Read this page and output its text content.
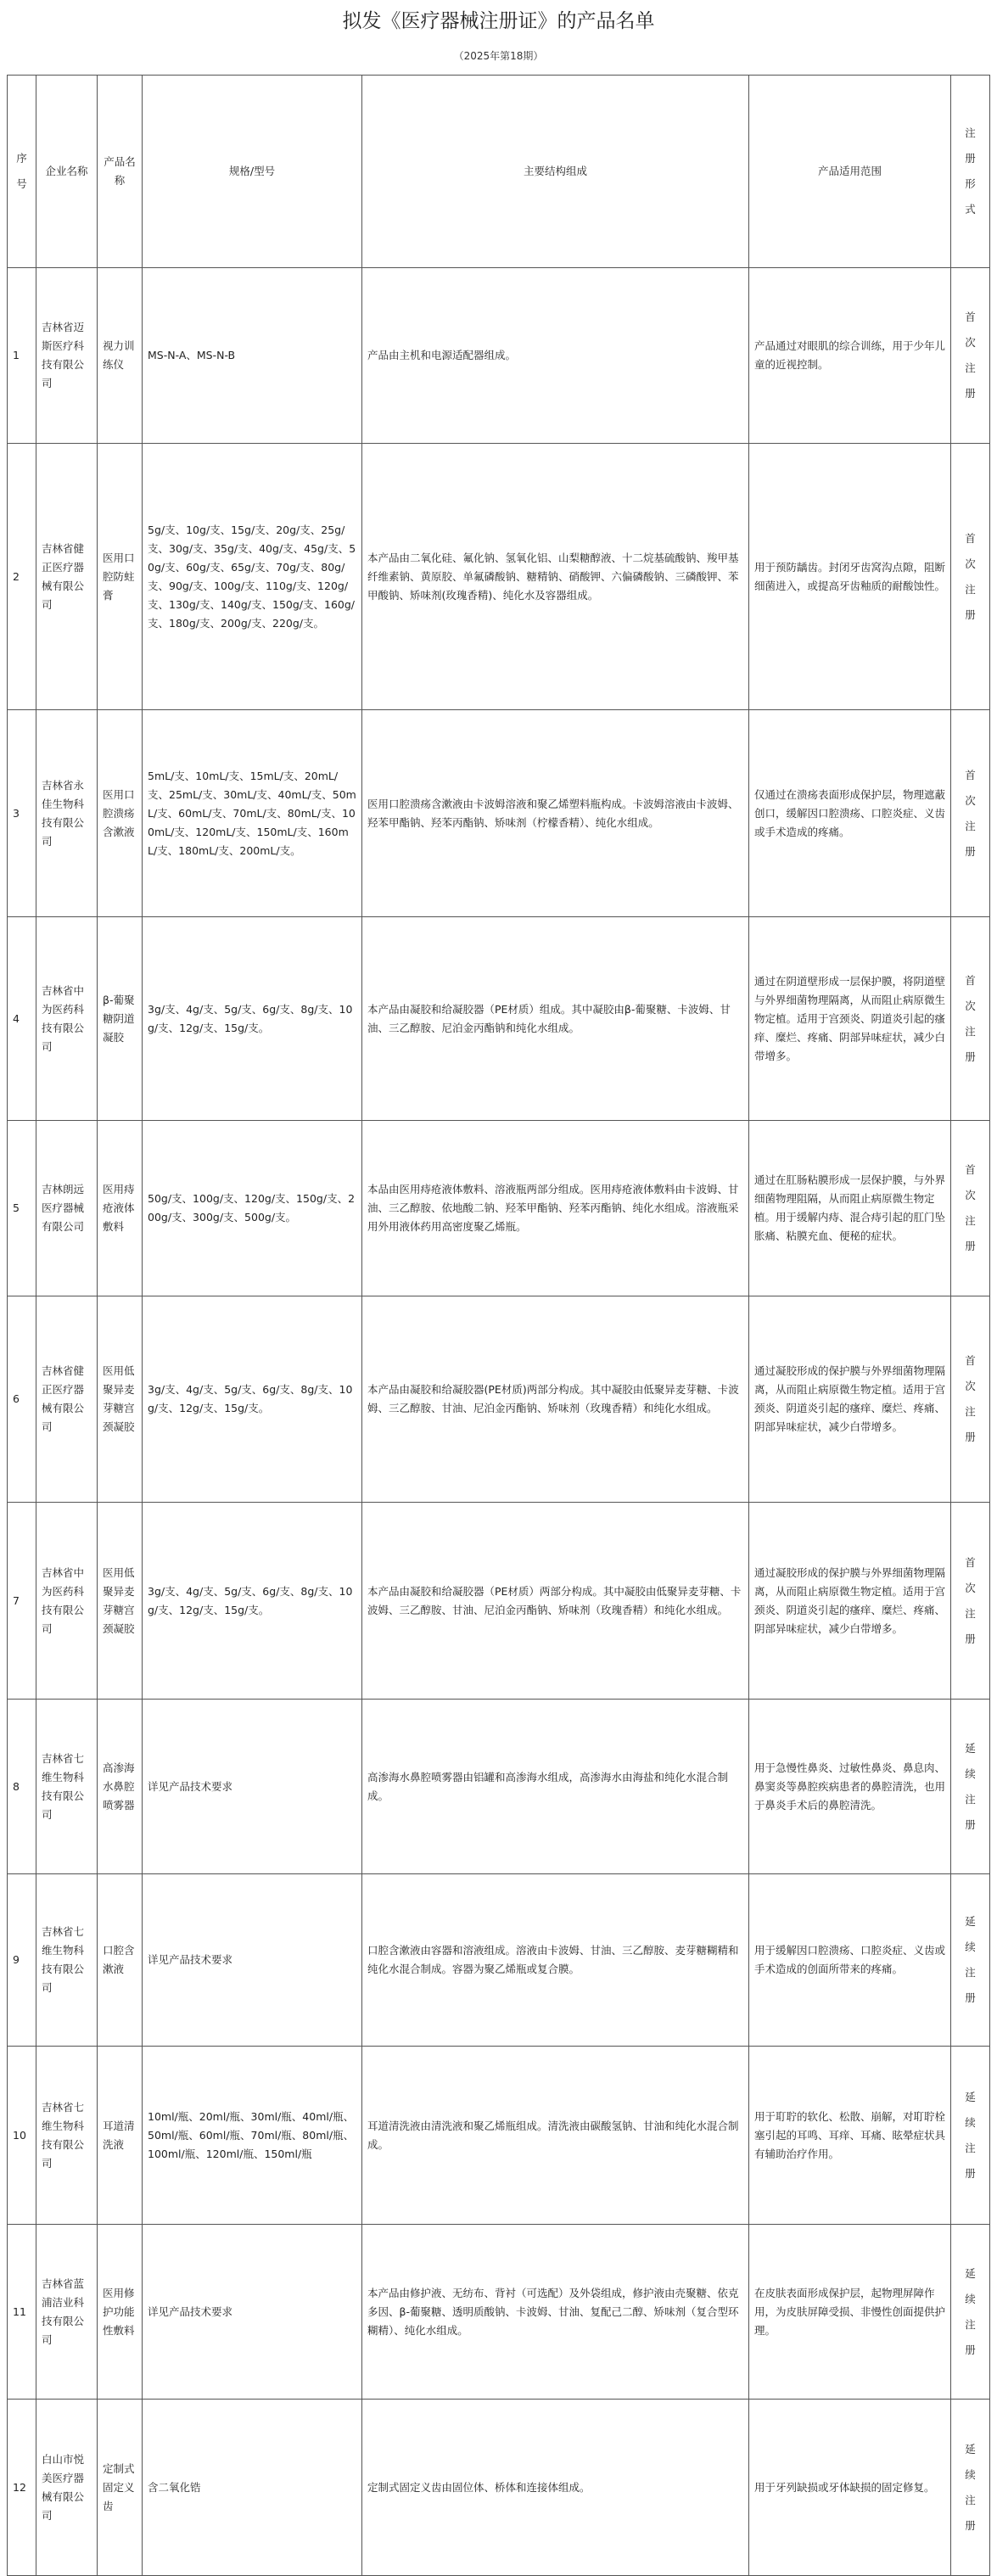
拟发《医疗器械注册证》的产品名单
（2025年第18期）
序号	企业名称	产品名称	规格/型号	主要结构组成	产品适用范围	注册形式

1	吉林省迈斯医疗科技有限公司	视力训练仪	MS-N-A、MS-N-B	产品由主机和电源适配器组成。	产品通过对眼肌的综合训练，用于少年儿童的近视控制。	首次注册

2	吉林省健正医疗器械有限公司	医用口腔防蛀膏	5g/支、10g/支、15g/支、20g/支、25g/支、30g/支、35g/支、40g/支、45g/支、50g/支、60g/支、65g/支、70g/支、80g/支、90g/支、100g/支、110g/支、120g/支、130g/支、140g/支、150g/支、160g/支、180g/支、200g/支、220g/支。	本产品由二氧化硅、氟化钠、氢氧化铝、山梨糖醇液、十二烷基硫酸钠、羧甲基纤维素钠、黄原胶、单氟磷酸钠、糖精钠、硝酸钾、六偏磷酸钠、三磷酸钾、苯甲酸钠、矫味剂(玫瑰香精)、纯化水及容器组成。	用于预防龋齿。封闭牙齿窝沟点隙，阻断细菌进入，或提高牙齿釉质的耐酸蚀性。	首次注册

3	吉林省永佳生物科技有限公司	医用口腔溃疡含漱液	5mL/支、10mL/支、15mL/支、20mL/支、25mL/支、30mL/支、40mL/支、50mL/支、60mL/支、70mL/支、80mL/支、100mL/支、120mL/支、150mL/支、160mL/支、180mL/支、200mL/支。	医用口腔溃疡含漱液由卡波姆溶液和聚乙烯塑料瓶构成。卡波姆溶液由卡波姆、羟苯甲酯钠、羟苯丙酯钠、矫味剂（柠檬香精）、纯化水组成。	仅通过在溃疡表面形成保护层，物理遮蔽创口，缓解因口腔溃疡、口腔炎症、义齿或手术造成的疼痛。	首次注册

4	吉林省中为医药科技有限公司	β-葡聚糖阴道凝胶	3g/支、4g/支、5g/支、6g/支、8g/支、10g/支、12g/支、15g/支。	本产品由凝胶和给凝胶器（PE材质）组成。其中凝胶由β-葡聚糖、卡波姆、甘油、三乙醇胺、尼泊金丙酯钠和纯化水组成。	通过在阴道壁形成一层保护膜，将阴道壁与外界细菌物理隔离，从而阻止病原微生物定植。适用于宫颈炎、阴道炎引起的瘙痒、糜烂、疼痛、阴部异味症状，减少白带增多。	首次注册

5	吉林朗远医疗器械有限公司	医用痔疮液体敷料	50g/支、100g/支、120g/支、150g/支、200g/支、300g/支、500g/支。	本品由医用痔疮液体敷料、溶液瓶两部分组成。医用痔疮液体敷料由卡波姆、甘油、三乙醇胺、依地酸二钠、羟苯甲酯钠、羟苯丙酯钠、纯化水组成。溶液瓶采用外用液体药用高密度聚乙烯瓶。	通过在肛肠粘膜形成一层保护膜，与外界细菌物理阻隔，从而阻止病原微生物定植。用于缓解内痔、混合痔引起的肛门坠胀痛、粘膜充血、便秘的症状。	首次注册

6	吉林省健正医疗器械有限公司	医用低聚异麦芽糖宫颈凝胶	3g/支、4g/支、5g/支、6g/支、8g/支、10g/支、12g/支、15g/支。	本产品由凝胶和给凝胶器(PE材质)两部分构成。其中凝胶由低聚异麦芽糖、卡波姆、三乙醇胺、甘油、尼泊金丙酯钠、矫味剂（玫瑰香精）和纯化水组成。	通过凝胶形成的保护膜与外界细菌物理隔离，从而阻止病原微生物定植。适用于宫颈炎、阴道炎引起的瘙痒、糜烂、疼痛、阴部异味症状，减少白带增多。	首次注册

7	吉林省中为医药科技有限公司	医用低聚异麦芽糖宫颈凝胶	3g/支、4g/支、5g/支、6g/支、8g/支、10g/支、12g/支、15g/支。	本产品由凝胶和给凝胶器（PE材质）两部分构成。其中凝胶由低聚异麦芽糖、卡波姆、三乙醇胺、甘油、尼泊金丙酯钠、矫味剂（玫瑰香精）和纯化水组成。	通过凝胶形成的保护膜与外界细菌物理隔离，从而阻止病原微生物定植。适用于宫颈炎、阴道炎引起的瘙痒、糜烂、疼痛、阴部异味症状，减少白带增多。	首次注册

8	吉林省七维生物科技有限公司	高渗海水鼻腔喷雾器	详见产品技术要求	高渗海水鼻腔喷雾器由铝罐和高渗海水组成，高渗海水由海盐和纯化水混合制成。	用于急慢性鼻炎、过敏性鼻炎、鼻息肉、鼻窦炎等鼻腔疾病患者的鼻腔清洗，也用于鼻炎手术后的鼻腔清洗。	延续注册

9	吉林省七维生物科技有限公司	口腔含漱液	详见产品技术要求	口腔含漱液由容器和溶液组成。溶液由卡波姆、甘油、三乙醇胺、麦芽糖糊精和纯化水混合制成。容器为聚乙烯瓶或复合膜。	用于缓解因口腔溃疡、口腔炎症、义齿或手术造成的创面所带来的疼痛。	延续注册

10	吉林省七维生物科技有限公司	耳道清洗液	10ml/瓶、20ml/瓶、30ml/瓶、40ml/瓶、50ml/瓶、60ml/瓶、70ml/瓶、80ml/瓶、100ml/瓶、120ml/瓶、150ml/瓶	耳道清洗液由清洗液和聚乙烯瓶组成。清洗液由碳酸氢钠、甘油和纯化水混合制成。	用于耵聍的软化、松散、崩解，对耵聍栓塞引起的耳鸣、耳痒、耳痛、眩晕症状具有辅助治疗作用。	延续注册

11	吉林省蓝浦洁业科技有限公司	医用修护功能性敷料	详见产品技术要求	本产品由修护液、无纺布、背衬（可选配）及外袋组成，修护液由壳聚糖、依克多因、β-葡聚糖、透明质酸钠、卡波姆、甘油、复配己二醇、矫味剂（复合型环糊精）、纯化水组成。	在皮肤表面形成保护层，起物理屏障作用，为皮肤屏障受损、非慢性创面提供护理。	延续注册

12	白山市悦美医疗器械有限公司	定制式固定义齿	含二氧化锆	定制式固定义齿由固位体、桥体和连接体组成。	用于牙列缺损或牙体缺损的固定修复。	延续注册
